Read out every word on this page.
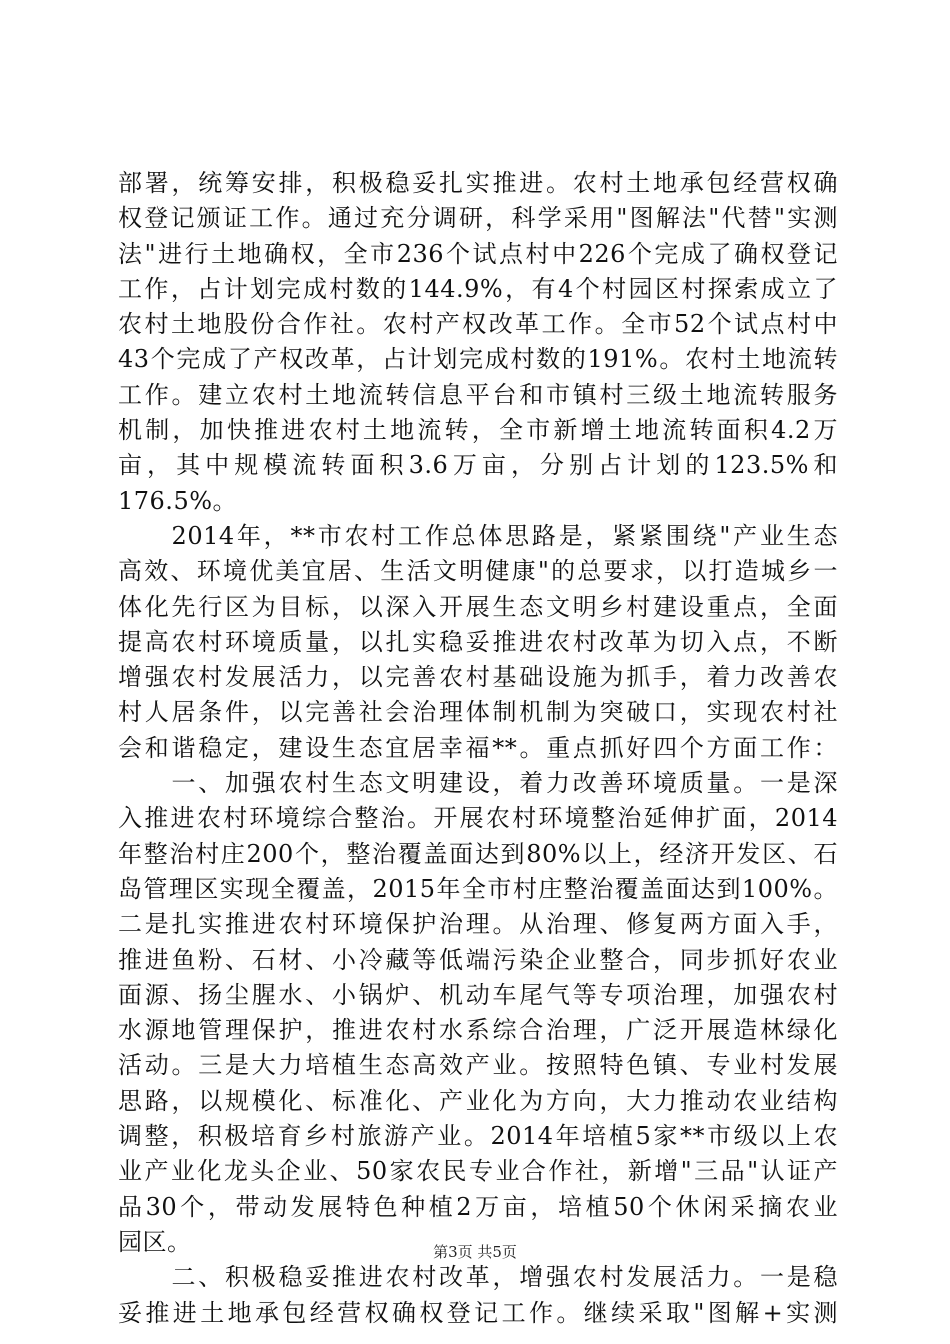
部署，统筹安排，积极稳妥扎实推进。农村土地承包经营权确
权登记颁证工作。通过充分调研，科学采用"图解法"代替"实测
法"进行土地确权，全市236个试点村中226个完成了确权登记
工作，占计划完成村数的144.9%，有4个村园区村探索成立了
农村土地股份合作社。农村产权改革工作。全市52个试点村中
43个完成了产权改革，占计划完成村数的191%。农村土地流转
工作。建立农村土地流转信息平台和市镇村三级土地流转服务
机制，加快推进农村土地流转，全市新增土地流转面积4.2万
亩，其中规模流转面积3.6万亩，分别占计划的123.5%和
176.5%。
　　2014年，**市农村工作总体思路是，紧紧围绕"产业生态
高效、环境优美宜居、生活文明健康"的总要求，以打造城乡一
体化先行区为目标，以深入开展生态文明乡村建设重点，全面
提高农村环境质量，以扎实稳妥推进农村改革为切入点，不断
增强农村发展活力，以完善农村基础设施为抓手，着力改善农
村人居条件，以完善社会治理体制机制为突破口，实现农村社
会和谐稳定，建设生态宜居幸福**。重点抓好四个方面工作：
　　一、加强农村生态文明建设，着力改善环境质量。一是深
入推进农村环境综合整治。开展农村环境整治延伸扩面，2014
年整治村庄200个，整治覆盖面达到80%以上，经济开发区、石
岛管理区实现全覆盖，2015年全市村庄整治覆盖面达到100%。
二是扎实推进农村环境保护治理。从治理、修复两方面入手，
推进鱼粉、石材、小冷藏等低端污染企业整合，同步抓好农业
面源、扬尘腥水、小锅炉、机动车尾气等专项治理，加强农村
水源地管理保护，推进农村水系综合治理，广泛开展造林绿化
活动。三是大力培植生态高效产业。按照特色镇、专业村发展
思路，以规模化、标准化、产业化为方向，大力推动农业结构
调整，积极培育乡村旅游产业。2014年培植5家**市级以上农
业产业化龙头企业、50家农民专业合作社，新增"三品"认证产
品30个，带动发展特色种植2万亩，培植50个休闲采摘农业
园区。
　　二、积极稳妥推进农村改革，增强农村发展活力。一是稳
妥推进土地承包经营权确权登记工作。继续采取"图解+实测
第3页 共5页
